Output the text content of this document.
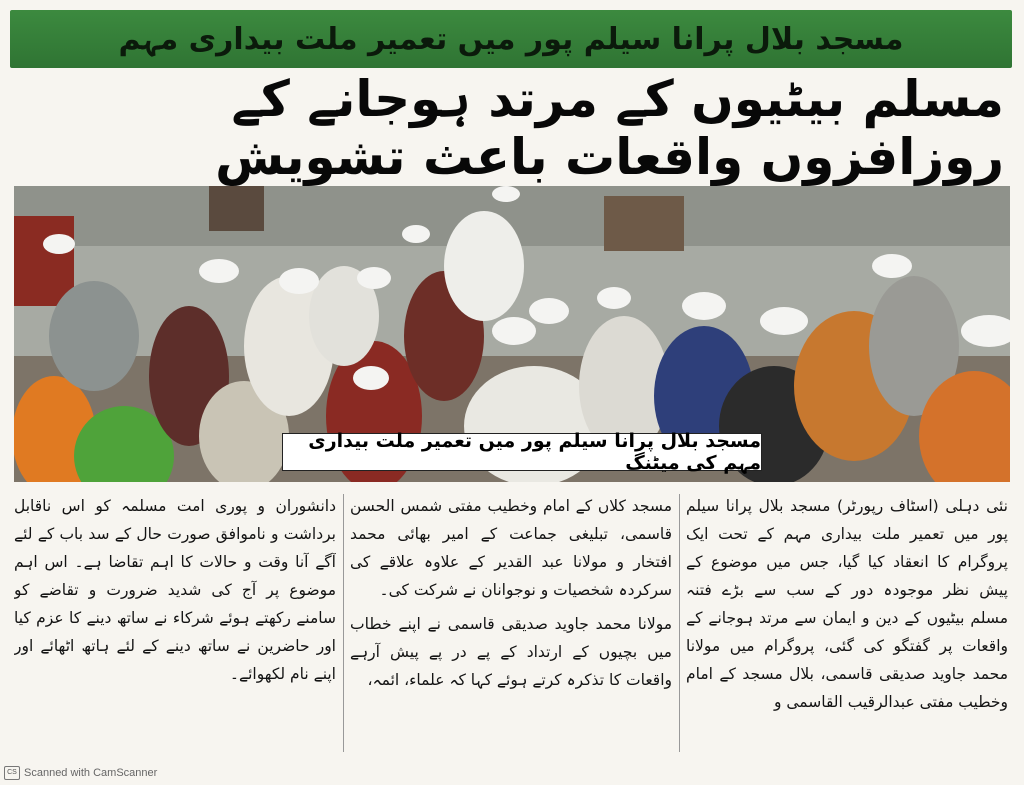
مسجد بلال پرانا سیلم پور میں تعمیر ملت بیداری مہم
مسلم بیٹیوں کے مرتد ہوجانے کے روزافزوں واقعات باعث تشویش
مسجد بلال پرانا سیلم پور میں تعمیر ملت بیداری مہم کی میٹنگ

نئی دہلی (اسٹاف رپورٹر) مسجد بلال پرانا سیلم پور میں تعمیر ملت بیداری مہم کے تحت ایک پروگرام کا انعقاد کیا گیا، جس میں موضوع کے پیش نظر موجودہ دور کے سب سے بڑے فتنہ مسلم بیٹیوں کے دین و ایمان سے مرتد ہوجانے کے واقعات پر گفتگو کی گئی، پروگرام میں مولانا محمد جاوید صدیقی قاسمی، بلال مسجد کے امام وخطیب مفتی عبدالرقیب القاسمی و

مسجد کلاں کے امام وخطیب مفتی شمس الحسن قاسمی، تبلیغی جماعت کے امیر بھائی محمد افتخار و مولانا عبد القدیر کے علاوہ علاقے کی سرکردہ شخصیات و نوجوانان نے شرکت کی۔

مولانا محمد جاوید صدیقی قاسمی نے اپنے خطاب میں بچیوں کے ارتداد کے پے در پے پیش آرہے واقعات کا تذکرہ کرتے ہوئے کہا کہ علماء، ائمہ،

دانشوران و پوری امت مسلمہ کو اس ناقابل برداشت و ناموافق صورت حال کے سد باب کے لئے آگے آنا وقت و حالات کا اہم تقاضا ہے۔ اس اہم موضوع پر آج کی شدید ضرورت و تقاضے کو سامنے رکھتے ہوئے شرکاء نے ساتھ دینے کا عزم کیا اور حاضرین نے ساتھ دینے کے لئے ہاتھ اٹھائے اور اپنے نام لکھوائے۔

CS Scanned with CamScanner
